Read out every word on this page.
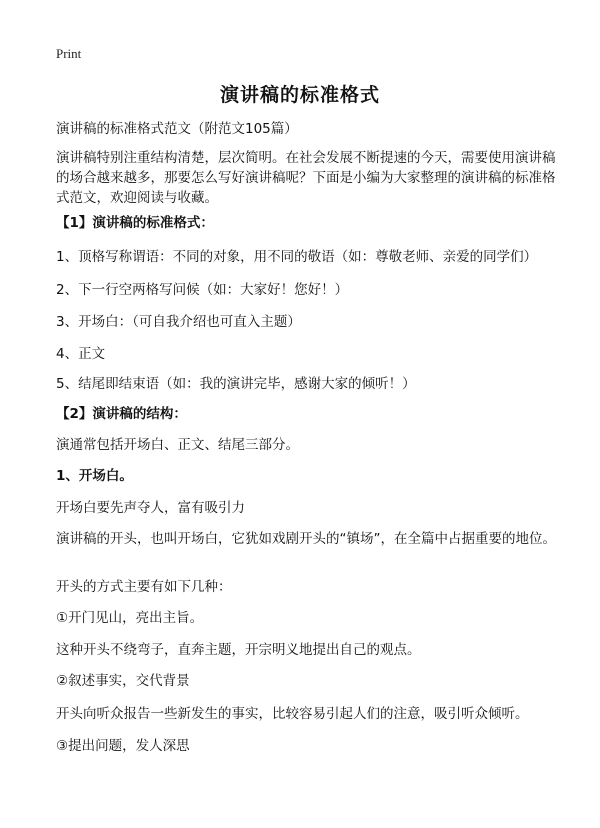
Print
演讲稿的标准格式
演讲稿的标准格式范文（附范文105篇）
演讲稿特别注重结构清楚，层次简明。在社会发展不断提速的今天，需要使用演讲稿的场合越来越多，那要怎么写好演讲稿呢？下面是小编为大家整理的演讲稿的标准格式范文，欢迎阅读与收藏。
【1】演讲稿的标准格式：
1、顶格写称谓语：不同的对象，用不同的敬语（如：尊敬老师、亲爱的同学们）
2、下一行空两格写问候（如：大家好！您好！）
3、开场白：（可自我介绍也可直入主题）
4、正文
5、结尾即结束语（如：我的演讲完毕，感谢大家的倾听！）
【2】演讲稿的结构：
演通常包括开场白、正文、结尾三部分。
1、开场白。
开场白要先声夺人，富有吸引力
演讲稿的开头，也叫开场白，它犹如戏剧开头的“镇场”，在全篇中占据重要的地位。
开头的方式主要有如下几种：
①开门见山，亮出主旨。
这种开头不绕弯子，直奔主题，开宗明义地提出自己的观点。
②叙述事实，交代背景
开头向听众报告一些新发生的事实，比较容易引起人们的注意，吸引听众倾听。
③提出问题，发人深思
